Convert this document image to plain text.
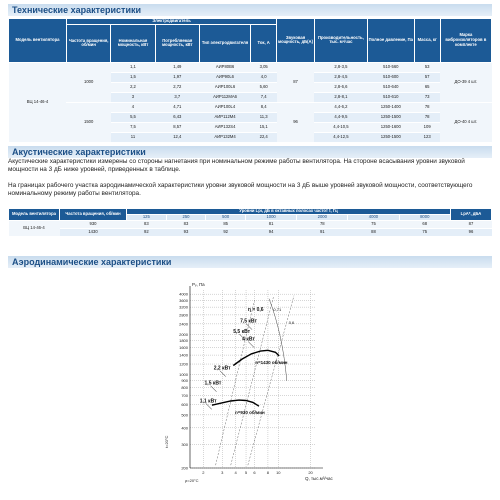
Технические характеристики
Модель вентилятора	Электродвигатель					Звуковая мощность, дБ(А)	Производительность, тыс. м³/час	Полное давление, Па	Масса, кг	Марка виброизоляторов в комплекте
	Частота вращения, об/мин	Номинальная мощность, кВт	Потребляемая мощность, кВт	Тип электродвигателя	Ток, А					
ВЦ 14-46-4	1000	1,1	1,49	АИР80В6	3,05	87	2,8-3,5	510-560	53	ДО-39 4 шт.
		1,5	1,97	АИР90L6	4,0		2,8-4,5	510-600	57	
		2,2	2,72	АИР100L6	5,60		2,8-6,6	510-640	65	
		3	3,7	АИР112МА6	7,4		2,8-8,1	510-610	73	
	1500	4	4,71	АИР100L4	8,4	96	4,4-6,2	1250-1400	78	ДО-40 4 шт.
		5,5	6,43	АИР112М4	11,3		4,4-9,5	1250-1500	78	
		7,5	8,57	АИР132S4	15,1		4,4-10,5	1250-1600	109	
		11	12,4	АИР132М4	22,4		4,4-12,5	1250-1500	123	
Акустические характеристики

Акустические характеристики измерены со стороны нагнетания при номинальном режиме работы вентилятора. На стороне всасывания уровни звуковой мощности на 3 дБ ниже уровней, приведенных в таблице.

На границах рабочего участка аэродинамической характеристики уровни звуковой мощности на 3 дБ выше уровней звуковой мощности, соответствующего номинальному режиму работы вентилятора.

Модель вентилятора	Частота вращения, об/мин	Уровни Lpi, дБ в октавных полосах частот f, Гц							LpA*, дБА
		125	250	500	1000	2000	4000	8000	
ВЦ 14-46-4	930	83	83	85	81	78	75	68	87
	1430	92	93	92	94	91	88	75	96
Аэродинамические характеристики
4000
3600
3200
2800
2400
2000
1800
1600
1400
1200
1000
900
800
700
600
500
400
300
200
2	3	4 5 6	8 10	20
Pᵥ, Па
Q, тыс.м³/час
t=20°C
ρ=20°C
η = 0,6 0,71
0,6
n=1430 об/мин
n=930 об/мин
7,5 кВт
5,5 кВт
4 кВт
2,2 кВт
1,5 кВт
1,1 кВт
